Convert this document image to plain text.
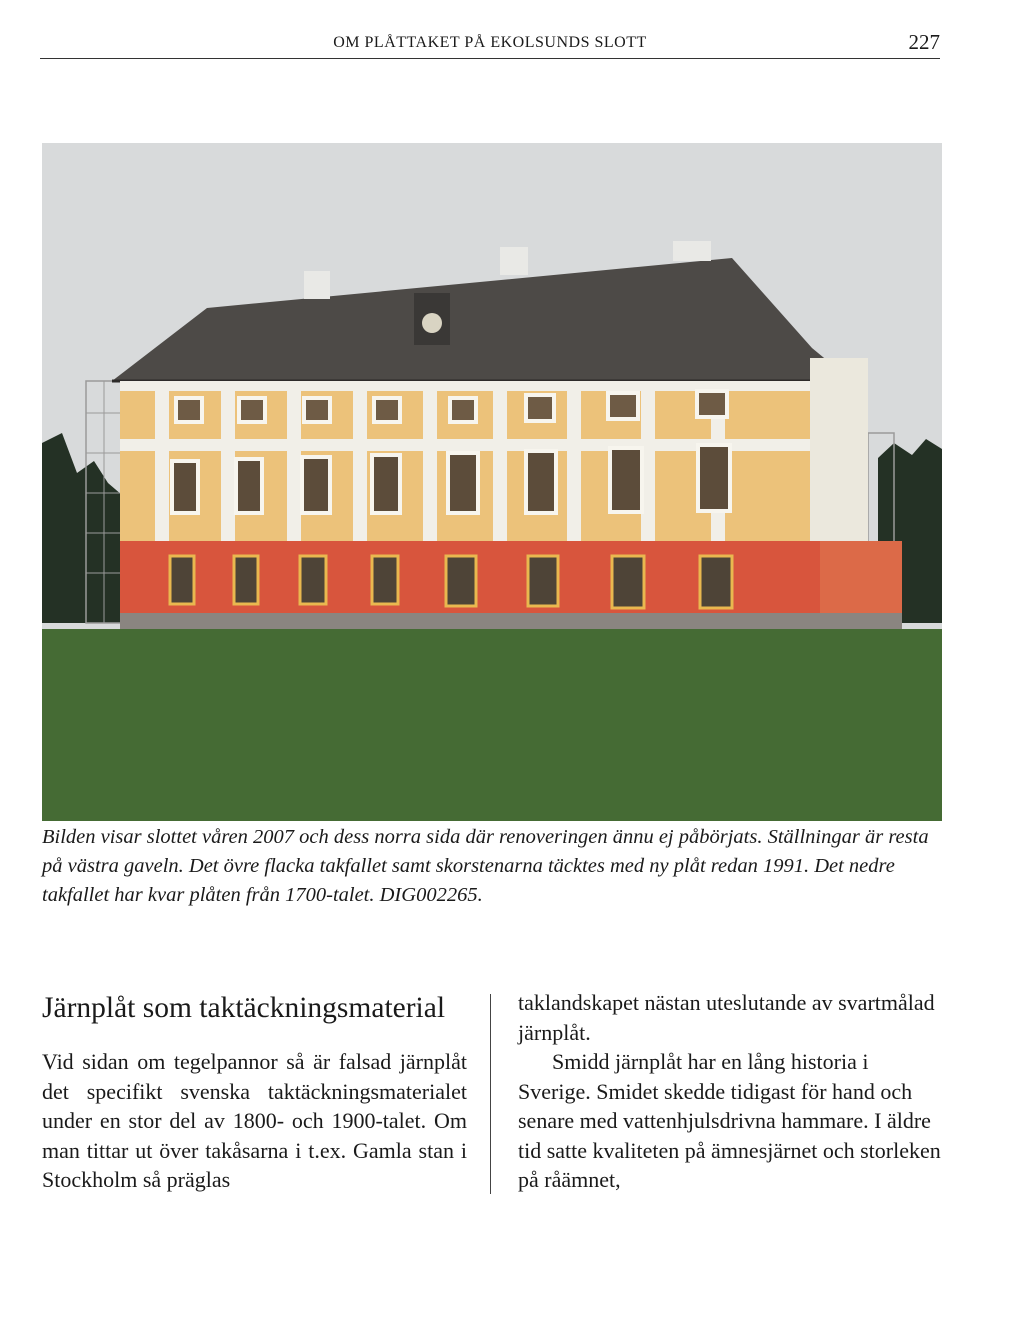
OM PLÅTTAKET PÅ EKOLSUNDS SLOTT	227

Bilden visar slottet våren 2007 och dess norra sida där renoveringen ännu ej påbörjats. Ställningar är resta på västra gaveln. Det övre flacka takfallet samt skorstenarna täcktes med ny plåt redan 1991. Det nedre takfallet har kvar plåten från 1700-talet. DIG002265.

Järnplåt som taktäckningsmaterial

Vid sidan om tegelpannor så är falsad järnplåt det specifikt svenska taktäckningsmaterialet under en stor del av 1800- och 1900-talet. Om man tittar ut över takåsarna i t.ex. Gamla stan i Stockholm så präglas

taklandskapet nästan uteslutande av svartmålad järnplåt.

Smidd järnplåt har en lång historia i Sverige. Smidet skedde tidigast för hand och senare med vattenhjulsdrivna hammare. I äldre tid satte kvaliteten på ämnesjärnet och storleken på råämnet,
